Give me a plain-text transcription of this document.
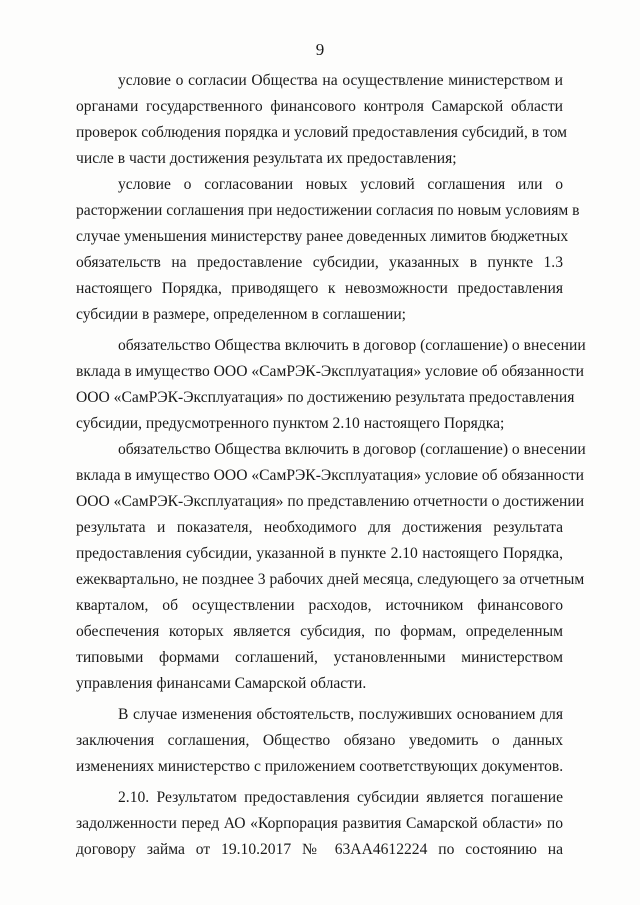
9
условие о согласии Общества на осуществление министерством и
органами государственного финансового контроля Самарской области
проверок соблюдения порядка и условий предоставления субсидий, в том
числе в части достижения результата их предоставления;
условие о согласовании новых условий соглашения или о
расторжении соглашения при недостижении согласия по новым условиям в
случае уменьшения министерству ранее доведенных лимитов бюджетных
обязательств на предоставление субсидии, указанных в пункте 1.3
настоящего Порядка, приводящего к невозможности предоставления
субсидии в размере, определенном в соглашении;
обязательство Общества включить в договор (соглашение) о внесении
вклада в имущество ООО «СамРЭК-Эксплуатация» условие об обязанности
ООО «СамРЭК-Эксплуатация» по достижению результата предоставления
субсидии, предусмотренного пунктом 2.10 настоящего Порядка;
обязательство Общества включить в договор (соглашение) о внесении
вклада в имущество ООО «СамРЭК-Эксплуатация» условие об обязанности
ООО «СамРЭК-Эксплуатация» по представлению отчетности о достижении
результата и показателя, необходимого для достижения результата
предоставления субсидии, указанной в пункте 2.10 настоящего Порядка,
ежеквартально, не позднее 3 рабочих дней месяца, следующего за отчетным
кварталом, об осуществлении расходов, источником финансового
обеспечения которых является субсидия, по формам, определенным
типовыми формами соглашений, установленными министерством
управления финансами Самарской области.
В случае изменения обстоятельств, послуживших основанием для
заключения соглашения, Общество обязано уведомить о данных
изменениях министерство с приложением соответствующих документов.
2.10. Результатом предоставления субсидии является погашение
задолженности перед АО «Корпорация развития Самарской области» по
договору займа от 19.10.2017 № 63АА4612224 по состоянию на
